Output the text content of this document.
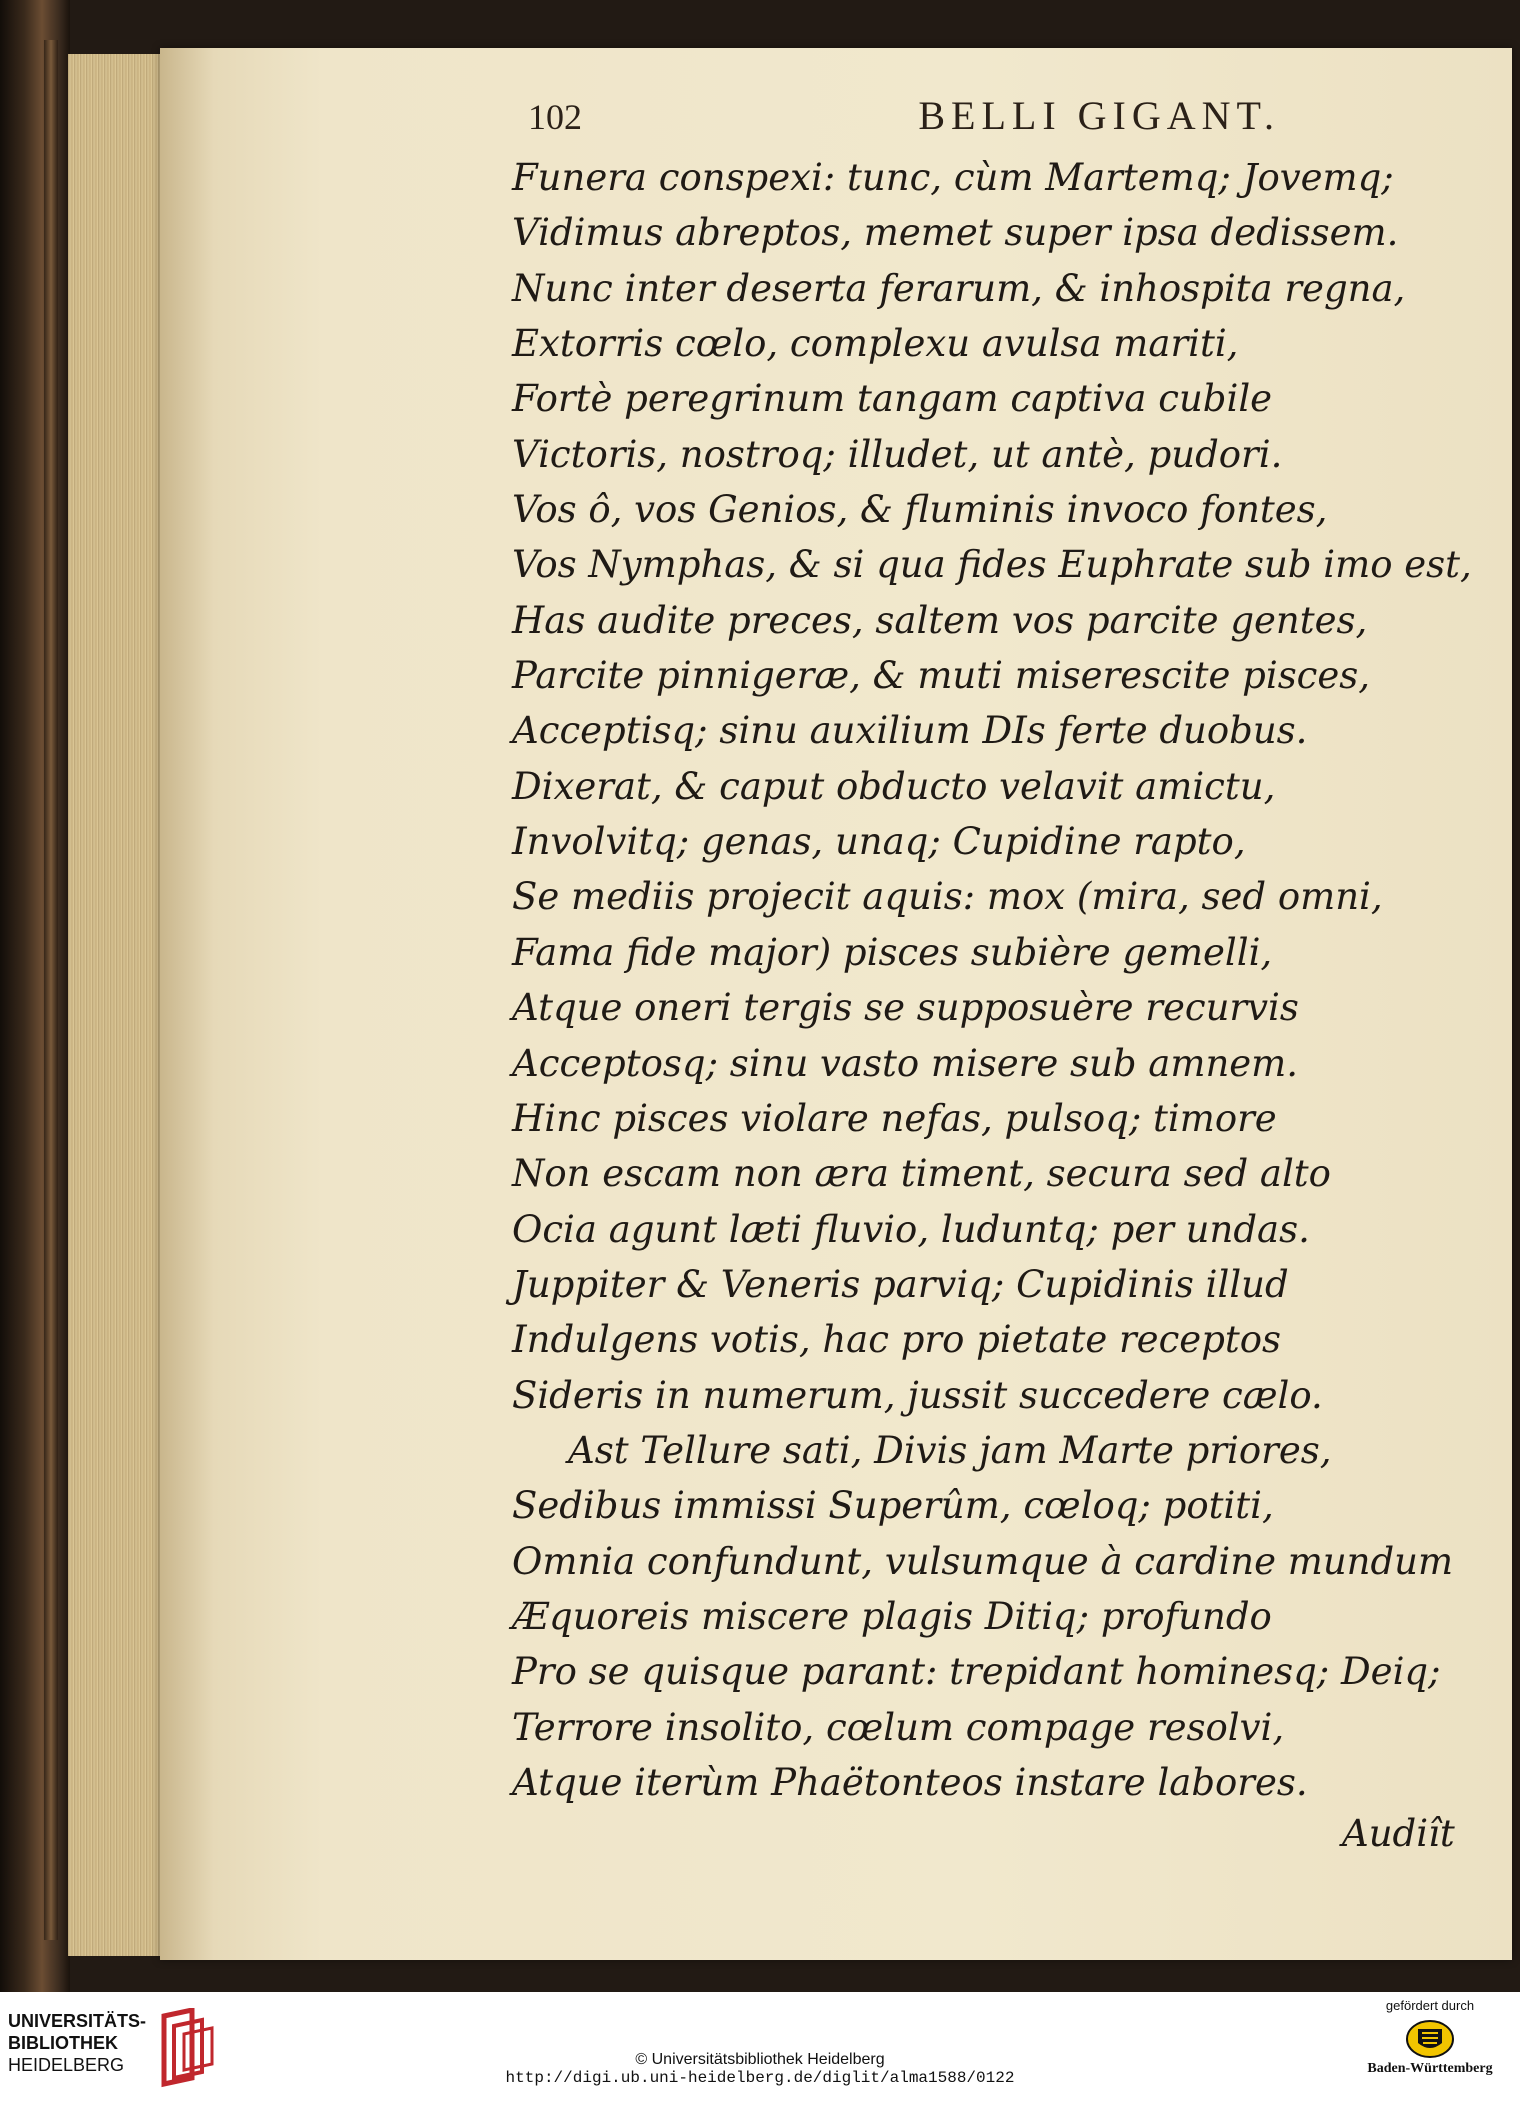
102	BELLI GIGANT.

Funera conspexi: tunc, cùm Martemq; Jovemq;

Vidimus abreptos, memet super ipsa dedissem.

Nunc inter deserta ferarum, & inhospita regna,

Extorris cœlo, complexu avulsa mariti,

Fortè peregrinum tangam captiva cubile

Victoris, nostroq; illudet, ut antè, pudori.

Vos ô, vos Genios, & fluminis invoco fontes,

Vos Nymphas, & si qua fides Euphrate sub imo est,

Has audite preces, saltem vos parcite gentes,

Parcite pinnigeræ, & muti miserescite pisces,

Acceptisq; sinu auxilium DIs ferte duobus.

Dixerat, & caput obducto velavit amictu,

Involvitq; genas, unaq; Cupidine rapto,

Se mediis projecit aquis: mox (mira, sed omni,

Fama fide major) pisces subière gemelli,

Atque oneri tergis se supposuère recurvis

Acceptosq; sinu vasto misere sub amnem.

Hinc pisces violare nefas, pulsoq; timore

Non escam non æra timent, secura sed alto

Ocia agunt læti fluvio, luduntq; per undas.

Juppiter & Veneris parviq; Cupidinis illud

Indulgens votis, hac pro pietate receptos

Sideris in numerum, jussit succedere cælo.

Ast Tellure sati, Divis jam Marte priores,

Sedibus immissi Superûm, cœloq; potiti,

Omnia confundunt, vulsumque à cardine mundum

Æquoreis miscere plagis Ditiq; profundo

Pro se quisque parant: trepidant hominesq; Deiq;

Terrore insolito, cœlum compage resolvi,

Atque iterùm Phaëtonteos instare labores.

Audiît
UNIVERSITÄTS-
BIBLIOTHEK
HEIDELBERG	© Universitätsbibliothek Heidelberg
http://digi.ub.uni-heidelberg.de/diglit/alma1588/0122
gefördert durch
Baden-Württemberg
